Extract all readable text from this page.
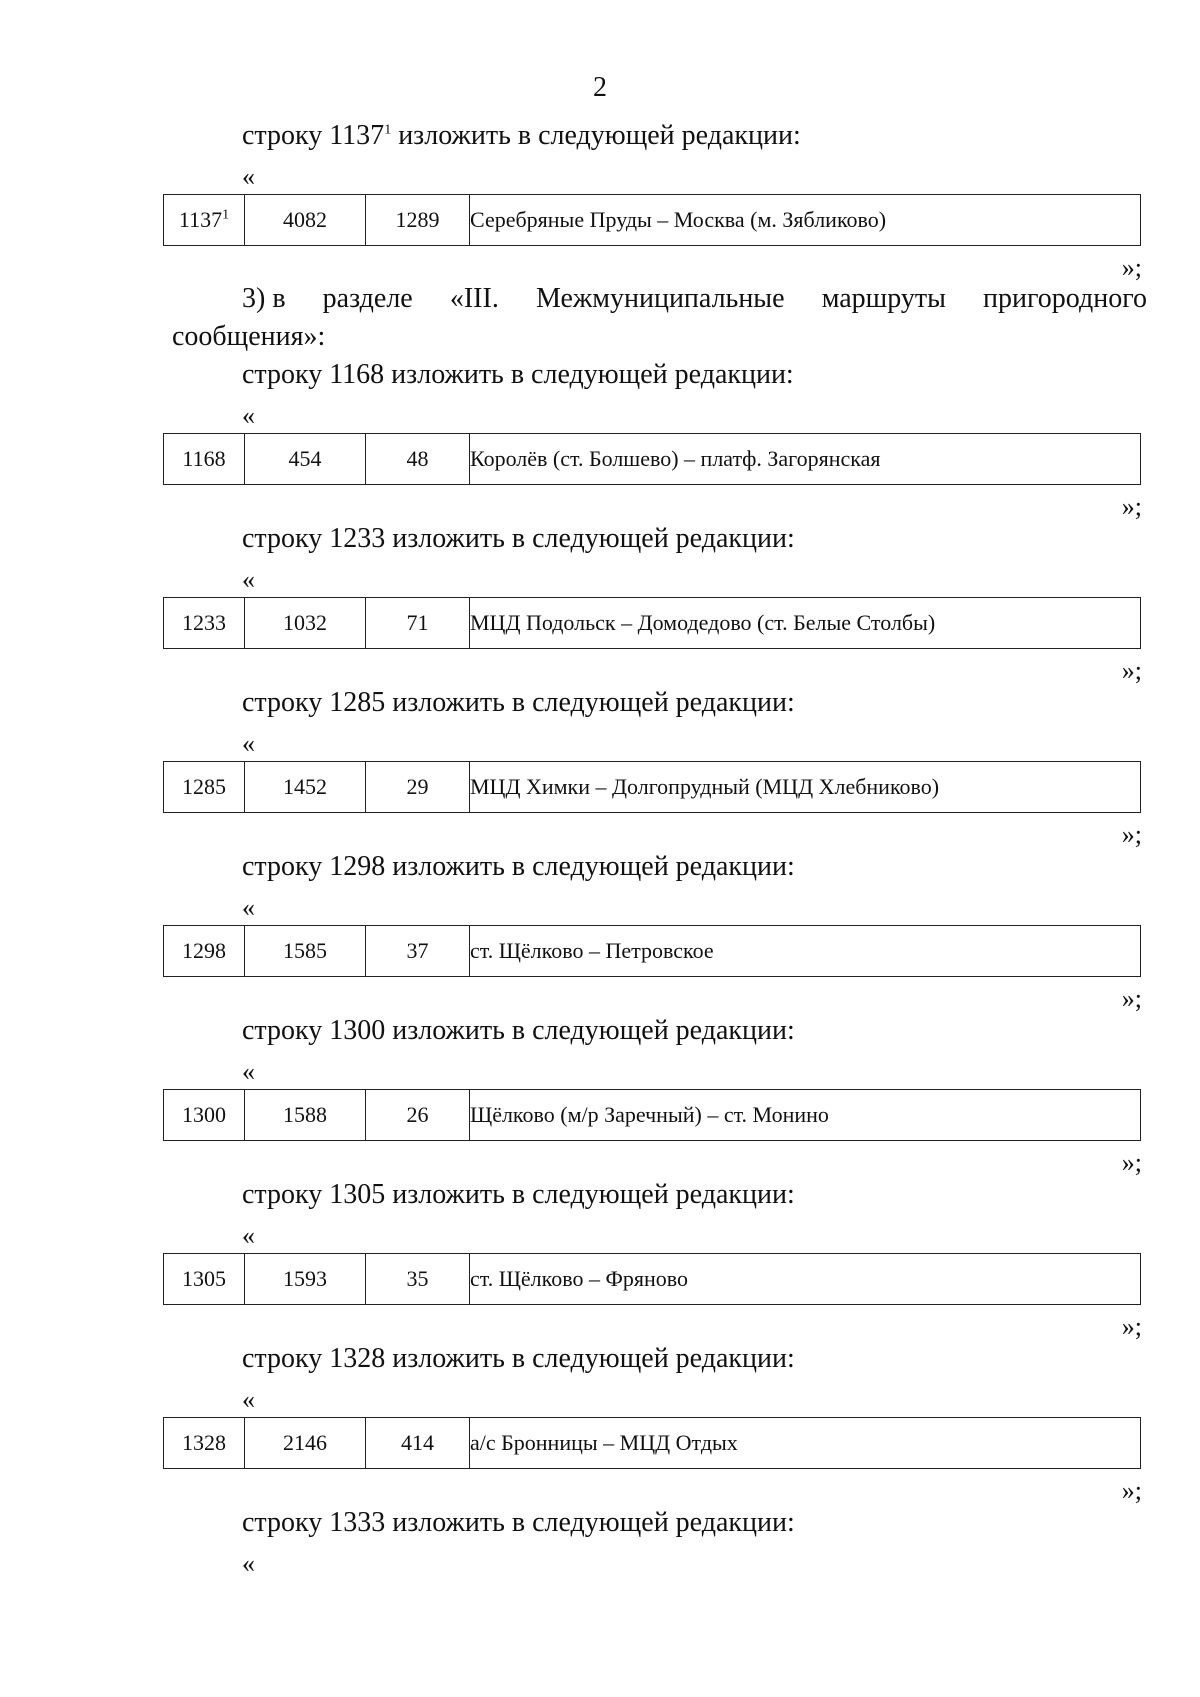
2
строку 1137$^1$ изложить в следующей редакции:
«
1137$^1$	4082	1289	Серебряные Пруды – Москва (м. Зябликово)
»;
3) в разделе «III. Межмуниципальные маршруты пригородного
сообщения»:
строку 1168 изложить в следующей редакции:
«
1168	454	48	Королёв (ст. Болшево) – платф. Загорянская
»;
строку 1233 изложить в следующей редакции:
«
1233	1032	71	МЦД Подольск – Домодедово (ст. Белые Столбы)
»;
строку 1285 изложить в следующей редакции:
«
1285	1452	29	МЦД Химки – Долгопрудный (МЦД Хлебниково)
»;
строку 1298 изложить в следующей редакции:
«
1298	1585	37	ст. Щёлково – Петровское
»;
строку 1300 изложить в следующей редакции:
«
1300	1588	26	Щёлково (м/р Заречный) – ст. Монино
»;
строку 1305 изложить в следующей редакции:
«
1305	1593	35	ст. Щёлково – Фряново
»;
строку 1328 изложить в следующей редакции:
«
1328	2146	414	а/с Бронницы – МЦД Отдых
»;
строку 1333 изложить в следующей редакции:
«
